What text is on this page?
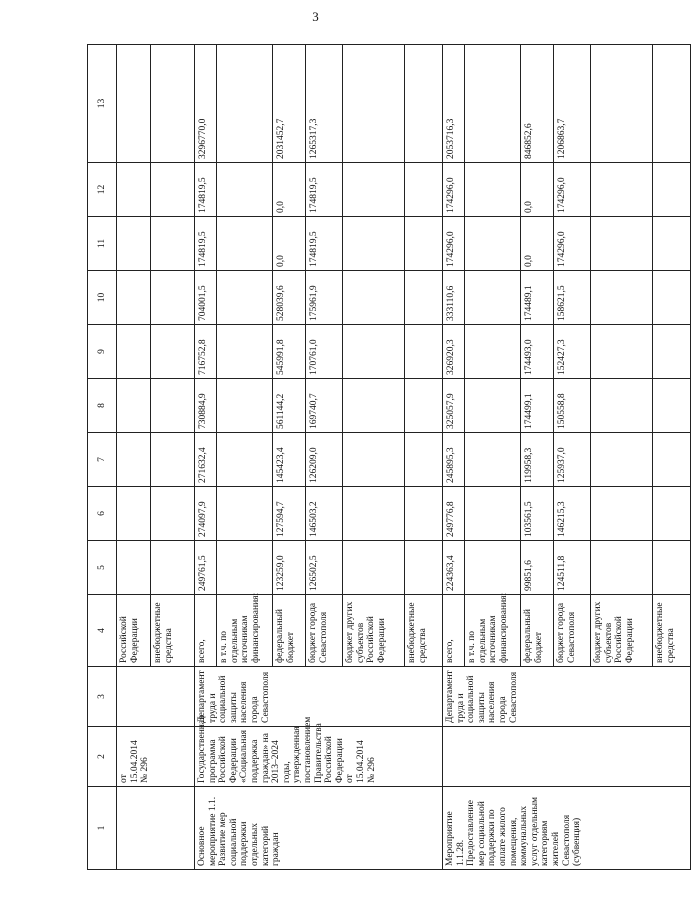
3
1	2	3	4	5	6	7	8	9	10	11	12	13
	от 15.04.2014 № 296		Российской Федерации									
			внебюджетные средства									
Основное мероприятие 1.1. Развитие мер социальной поддержки отдельных категорий граждан	Государственная программа Российской Федерации «Социальная поддержка граждан» на 2013–2024 годы, утвержденная постановлением Правительства Российской Федерации от 15.04.2014 № 296	Департамент труда и социальной защиты населения города Севастополя	всего,	249761,5	274097,9	271632,4	730884,9	716752,8	704001,5	174819,5	174819,5	3296770,0
			в т.ч. по отдельным источникам финансирования:									
			федеральный бюджет	123259,0	127594,7	145423,4	561144,2	545991,8	528039,6	0,0	0,0	2031452,7
			бюджет города Севастополя	126502,5	146503,2	126209,0	169740,7	170761,0	175961,9	174819,5	174819,5	1265317,3
			бюджет других субъектов Российской Федерации									
			внебюджетные средства									
Мероприятие 1.1.28. Предоставление мер социальной поддержки по оплате жилого помещения, коммунальных услуг отдельным категориям жителей Севастополя (субвенция)		Департамент труда и социальной защиты населения города Севастополя	всего,	224363,4	249776,8	245895,3	325057,9	326920,3	333110,6	174296,0	174296,0	2053716,3
			в т.ч. по отдельным источникам финансирования:									
			федеральный бюджет	99851,6	103561,5	119958,3	174499,1	174493,0	174489,1	0,0	0,0	846852,6
			бюджет города Севастополя	124511,8	146215,3	125937,0	150558,8	152427,3	158621,5	174296,0	174296,0	1206863,7
			бюджет других субъектов Российской Федерации									
			внебюджетные средства									
